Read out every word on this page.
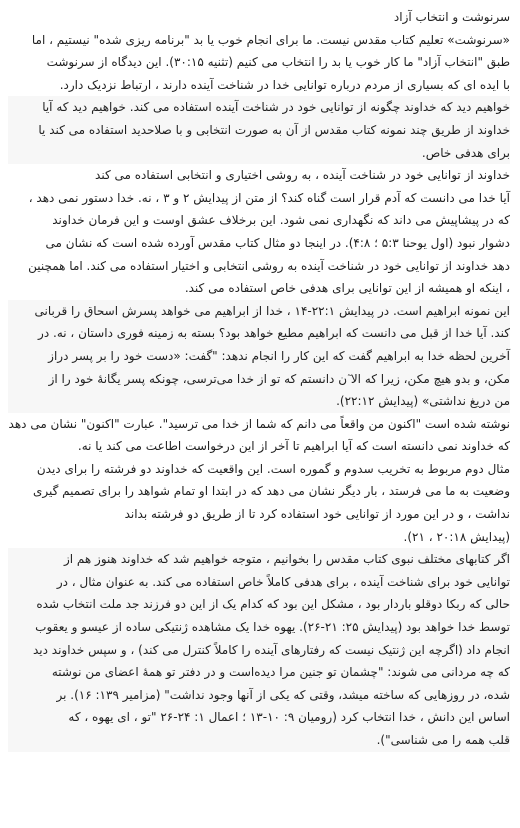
سرنوشت و انتخاب آزاد

«سرنوشت» تعلیم کتاب مقدس نیست. ما برای انجام خوب یا بد "برنامه ریزی شده" نیستیم ، اما
طبق "انتخاب آزاد" ما کار خوب یا بد را انتخاب می کنیم (تثنیه ۳۰:۱۵). این دیدگاه از سرنوشت
با ایده ای که بسیاری از مردم درباره توانایی خدا در شناخت آینده دارند ، ارتباط نزدیک دارد.

خواهیم دید که خداوند چگونه از توانایی خود در شناخت آینده استفاده می کند. خواهیم دید که آیا
خداوند از طریق چند نمونه کتاب مقدس از آن به صورت انتخابی و با صلاحدید استفاده می کند یا
برای هدفی خاص.

خداوند از توانایی خود در شناخت آینده ، به روشی اختیاری و انتخابی استفاده می کند
آیا خدا می دانست که آدم قرار است گناه کند؟ از متن از پیدایش ۲ و ۳ ، نه. خدا دستور نمی دهد ،
که در پیشاپیش می داند که نگهداری نمی شود. این برخلاف عشق اوست و این فرمان خداوند
دشوار نبود (اول یوحنا ۵:۳ ؛ ۴:۸). در اینجا دو مثال کتاب مقدس آورده شده است که نشان می
دهد خداوند از توانایی خود در شناخت آینده به روشی انتخابی و اختیار استفاده می کند. اما همچنین
، اینکه او همیشه از این توانایی برای هدفی خاص استفاده می کند.

این نمونه ابراهیم است. در پیدایش ۲۲:۱-۱۴ ، خدا از ابراهیم می خواهد پسرش اسحاق را قربانی
کند. آیا خدا از قبل می دانست که ابراهیم مطیع خواهد بود؟ بسته به زمینه فوری داستان ، نه. در
آخرین لحظه خدا به ابراهیم گفت که این کار را انجام ندهد: "گفت: «دست خود را بر پسر دراز
مکن، و بدو هیچ مکن، زیرا که الا ٓن دانستم که تو از خدا می‌ترسی، چونکه پسر یگانۀ خود را از
من دریغ نداشتی» (پیدایش ۲۲:۱۲).

نوشته شده است "اکنون من واقعاً می دانم که شما از خدا می ترسید". عبارت "اکنون" نشان می دهد
که خداوند نمی دانسته است که آیا ابراهیم تا آخر از این درخواست اطاعت می کند یا نه.

مثال دوم مربوط به تخریب سدوم و گموره است. این واقعیت که خداوند دو فرشته را برای دیدن
وضعیت به ما می فرستد ، بار دیگر نشان می دهد که در ابتدا او تمام شواهد را برای تصمیم گیری
نداشت ، و در این مورد از توانایی خود استفاده کرد تا از طریق دو فرشته بداند
(پیدایش ۲۰:۱۸ ، ۲۱).

اگر کتابهای مختلف نبوی کتاب مقدس را بخوانیم ، متوجه خواهیم شد که خداوند هنوز هم از
توانایی خود برای شناخت آینده ، برای هدفی کاملاً خاص استفاده می کند. به عنوان مثال ، در
حالی که ربکا دوقلو باردار بود ، مشکل این بود که کدام یک از این دو فرزند جد ملت انتخاب شده
توسط خدا خواهد بود (پیدایش ۲۵: ۲۱-۲۶). یهوه خدا یک مشاهده ژنتیکی ساده از عیسو و یعقوب
انجام داد (اگرچه این ژنتیک نیست که رفتارهای آینده را کاملاً کنترل می کند) ، و سپس خداوند دید
که چه مردانی می شوند: "چشمان تو جنین مرا دیده‌است و در دفتر تو همهٔ اعضای من نوشته
شده، در روزهایی که ساخته میشد، وقتی که یکی از آنها وجود نداشت" (مزامیر ۱۳۹: ۱۶). بر
اساس این دانش ، خدا انتخاب کرد (رومیان ۹: ۱۰-۱۳ ؛ اعمال ۱: ۲۴-۲۶ "تو ، ای یهوه ، که
قلب همه را می شناسی").
